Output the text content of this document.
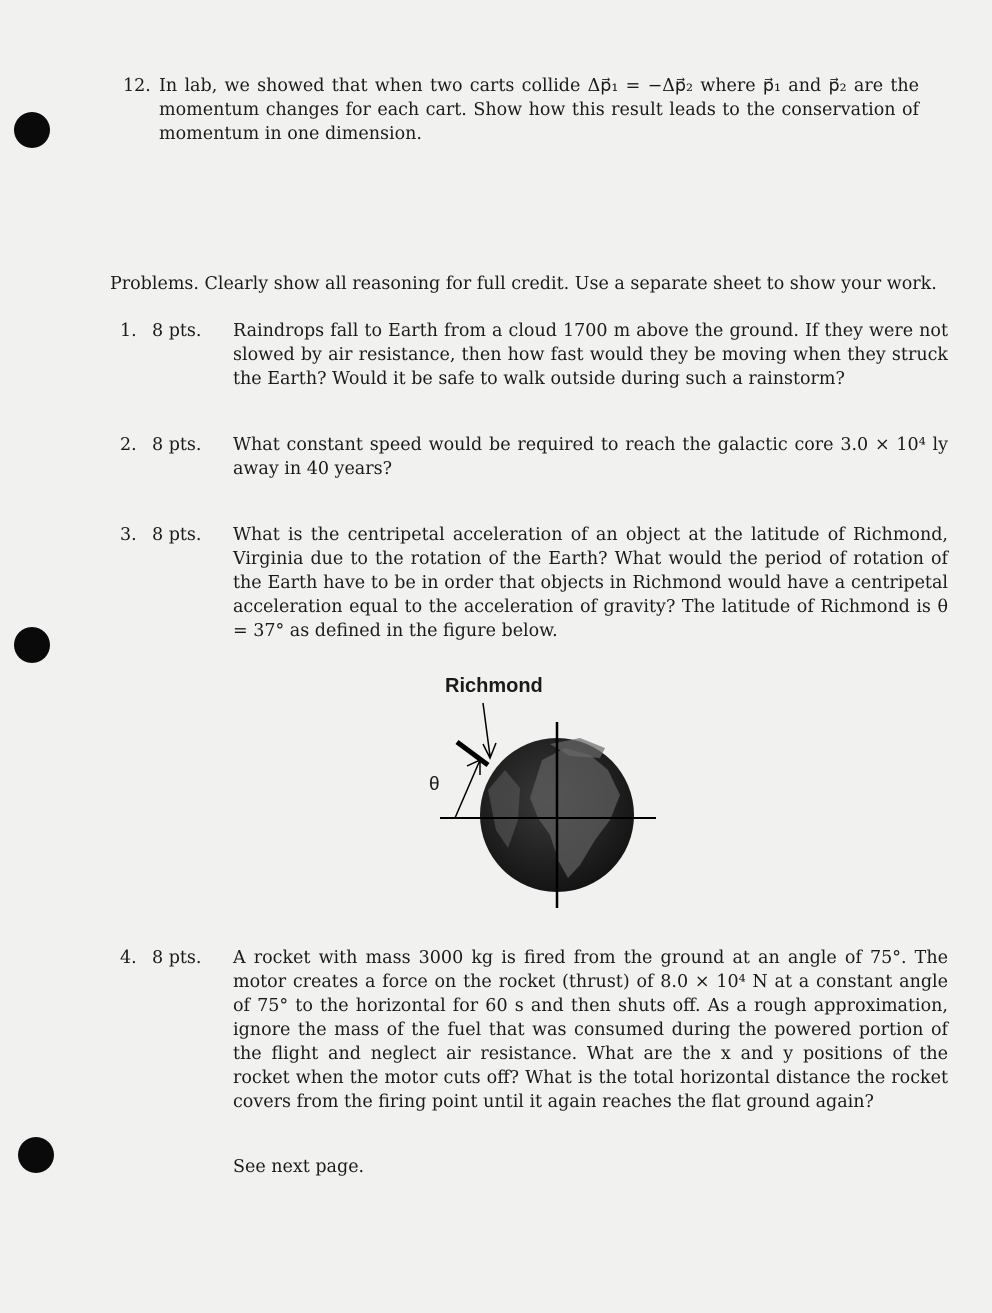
12. In lab, we showed that when two carts collide Δp⃗₁ = −Δp⃗₂ where p⃗₁ and p⃗₂ are the momentum changes for each cart. Show how this result leads to the conservation of momentum in one dimension.
Problems. Clearly show all reasoning for full credit. Use a separate sheet to show your work.
1. 8 pts.	Raindrops fall to Earth from a cloud 1700 m above the ground. If they were not slowed by air resistance, then how fast would they be moving when they struck the Earth? Would it be safe to walk outside during such a rainstorm?
2. 8 pts.	What constant speed would be required to reach the galactic core 3.0 × 10⁴ ly away in 40 years?
3. 8 pts.	What is the centripetal acceleration of an object at the latitude of Richmond, Virginia due to the rotation of the Earth? What would the period of rotation of the Earth have to be in order that objects in Richmond would have a centripetal acceleration equal to the acceleration of gravity? The latitude of Richmond is θ = 37° as defined in the figure below.
Richmond
θ
4. 8 pts.	A rocket with mass 3000 kg is fired from the ground at an angle of 75°. The motor creates a force on the rocket (thrust) of 8.0 × 10⁴ N at a constant angle of 75° to the horizontal for 60 s and then shuts off. As a rough approximation, ignore the mass of the fuel that was consumed during the powered portion of the flight and neglect air resistance. What are the x and y positions of the rocket when the motor cuts off? What is the total horizontal distance the rocket covers from the firing point until it again reaches the flat ground again?
See next page.
